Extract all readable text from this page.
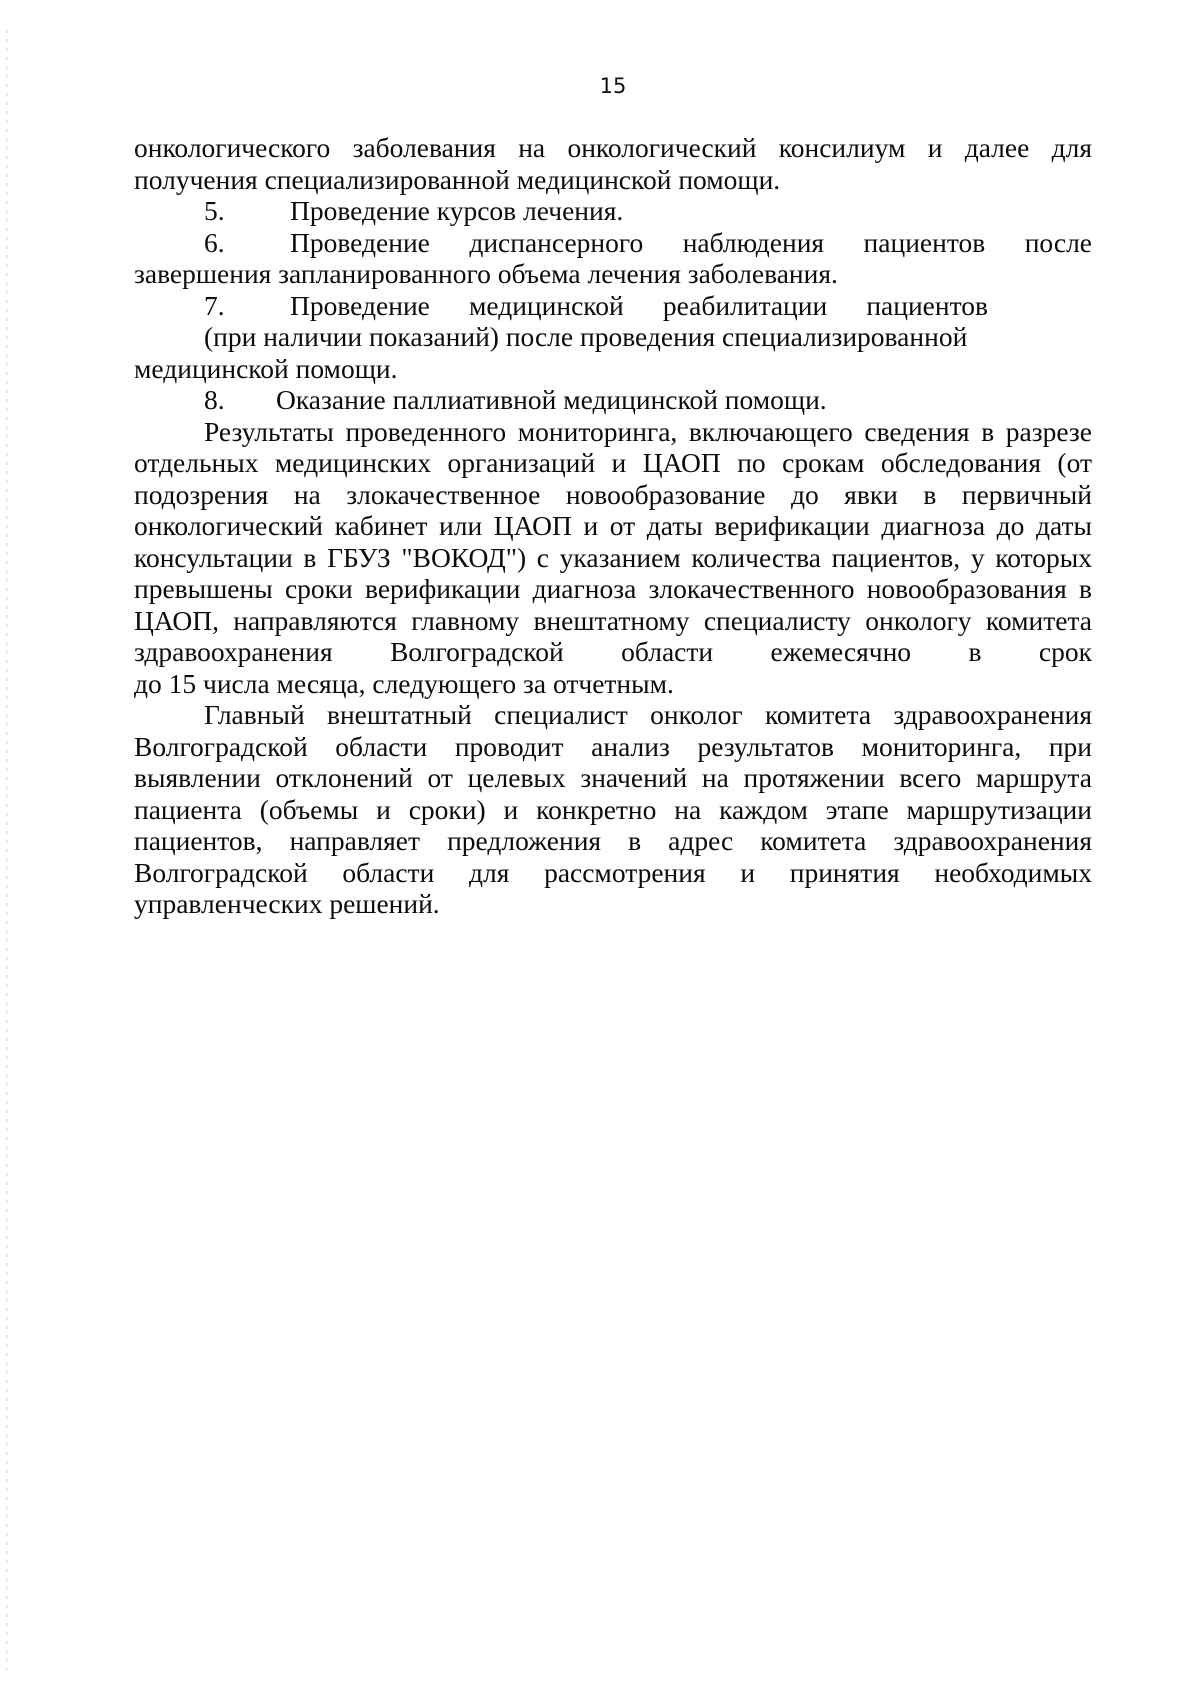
15

онкологического заболевания на онкологический консилиум и далее для получения специализированной медицинской помощи.

5.	Проведение курсов лечения.
6.	Проведение диспансерного наблюдения пациентов после

завершения запланированного объема лечения заболевания.

7.	Проведение медицинской реабилитации пациентов

(при наличии показаний) после проведения специализированной

медицинской помощи.

8.	Оказание паллиативной медицинской помощи.

Результаты проведенного мониторинга, включающего сведения в разрезе отдельных медицинских организаций и ЦАОП по срокам обследования (от подозрения на злокачественное новообразование до явки в первичный онкологический кабинет или ЦАОП и от даты верификации диагноза до даты консультации в ГБУЗ "ВОКОД") с указанием количества пациентов, у которых превышены сроки верификации диагноза злокачественного новообразования в ЦАОП, направляются главному внештатному специалисту онкологу комитета здравоохранения Волгоградской области ежемесячно в срок

до 15 числа месяца, следующего за отчетным.

Главный внештатный специалист онколог комитета здравоохранения Волгоградской области проводит анализ результатов мониторинга, при выявлении отклонений от целевых значений на протяжении всего маршрута пациента (объемы и сроки) и конкретно на каждом этапе маршрутизации пациентов, направляет предложения в адрес комитета здравоохранения Волгоградской области для рассмотрения и принятия необходимых управленческих решений.
